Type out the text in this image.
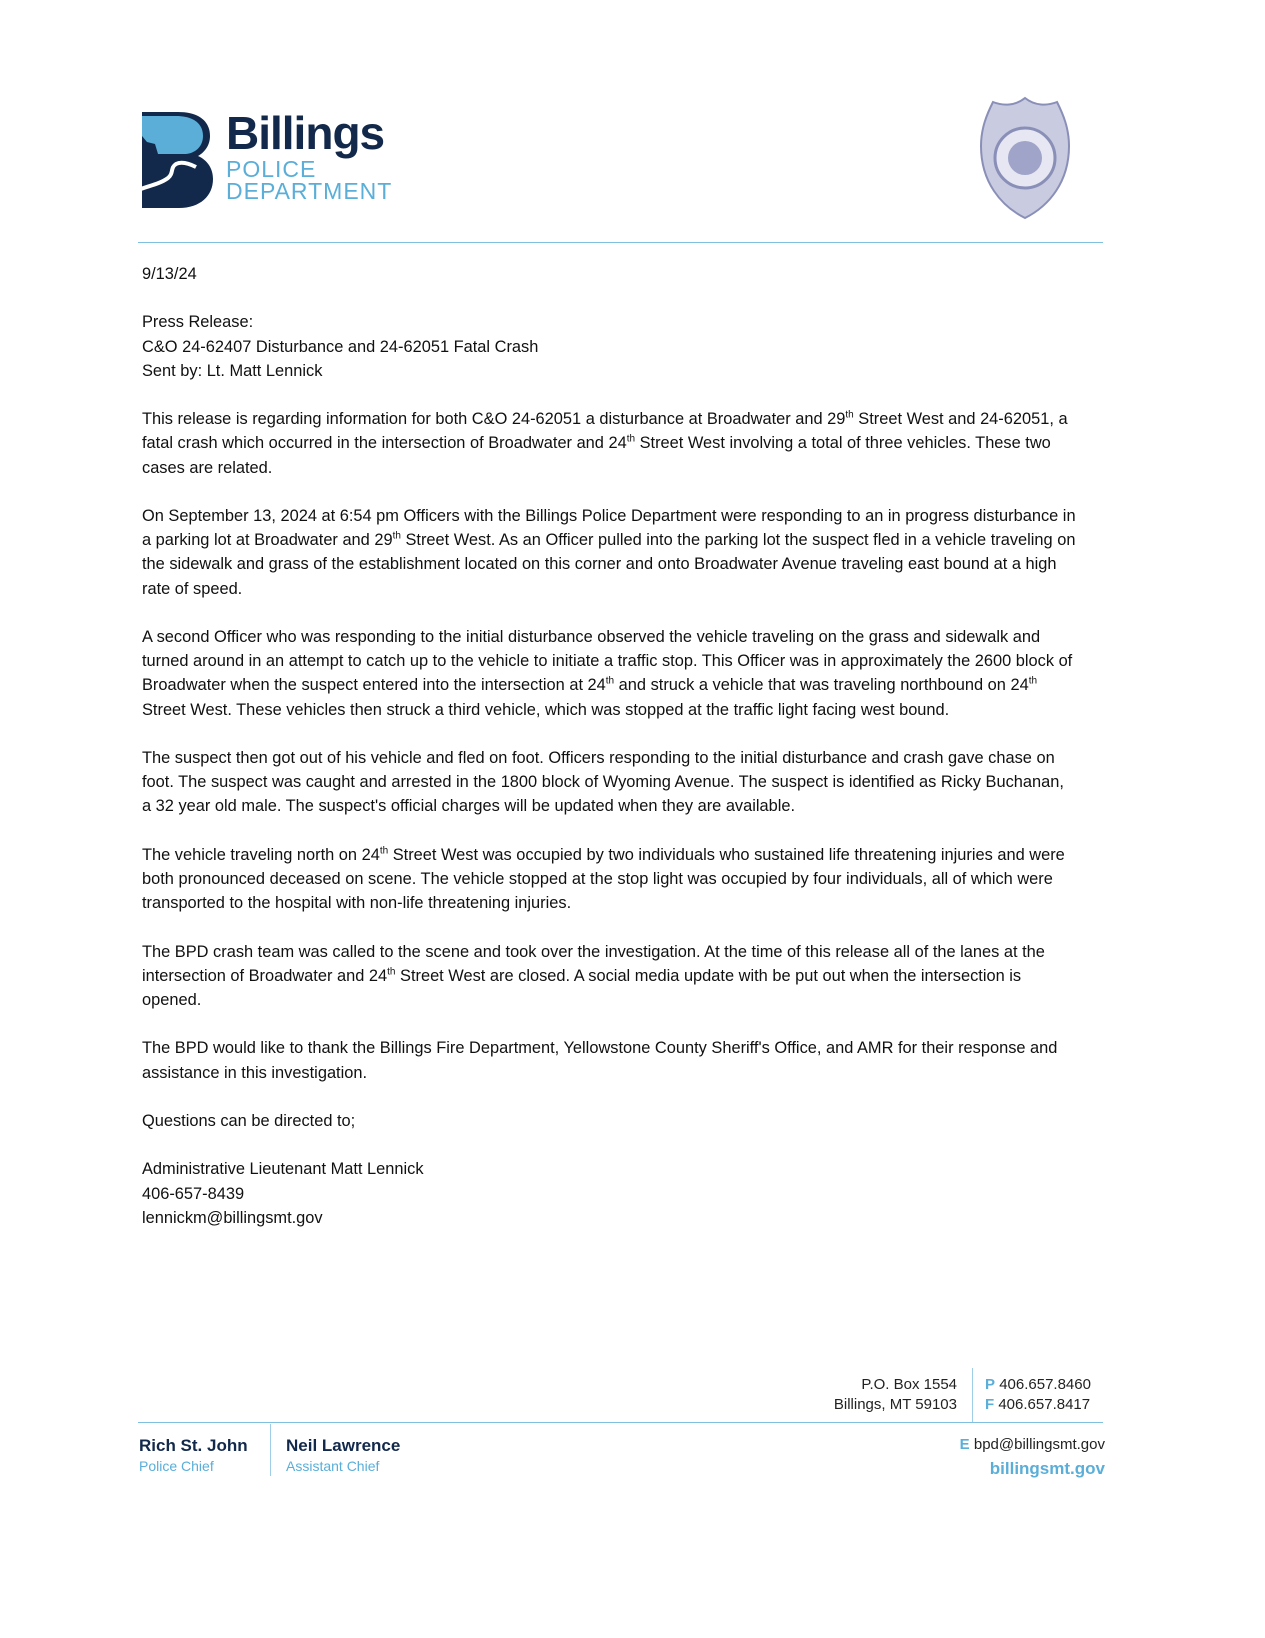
Billings
POLICE
DEPARTMENT

9/13/24

Press Release:
C&O 24-62407 Disturbance and 24-62051 Fatal Crash
Sent by: Lt. Matt Lennick

This release is regarding information for both C&O 24-62051 a disturbance at Broadwater and 29th Street West and 24-62051, a fatal crash which occurred in the intersection of Broadwater and 24th Street West involving a total of three vehicles. These two cases are related.

On September 13, 2024 at 6:54 pm Officers with the Billings Police Department were responding to an in progress disturbance in a parking lot at Broadwater and 29th Street West. As an Officer pulled into the parking lot the suspect fled in a vehicle traveling on the sidewalk and grass of the establishment located on this corner and onto Broadwater Avenue traveling east bound at a high rate of speed.

A second Officer who was responding to the initial disturbance observed the vehicle traveling on the grass and sidewalk and turned around in an attempt to catch up to the vehicle to initiate a traffic stop. This Officer was in approximately the 2600 block of Broadwater when the suspect entered into the intersection at 24th and struck a vehicle that was traveling northbound on 24th Street West. These vehicles then struck a third vehicle, which was stopped at the traffic light facing west bound.

The suspect then got out of his vehicle and fled on foot. Officers responding to the initial disturbance and crash gave chase on foot. The suspect was caught and arrested in the 1800 block of Wyoming Avenue. The suspect is identified as Ricky Buchanan, a 32 year old male. The suspect's official charges will be updated when they are available.

The vehicle traveling north on 24th Street West was occupied by two individuals who sustained life threatening injuries and were both pronounced deceased on scene. The vehicle stopped at the stop light was occupied by four individuals, all of which were transported to the hospital with non-life threatening injuries.

The BPD crash team was called to the scene and took over the investigation. At the time of this release all of the lanes at the intersection of Broadwater and 24th Street West are closed. A social media update with be put out when the intersection is opened.

The BPD would like to thank the Billings Fire Department, Yellowstone County Sheriff's Office, and AMR for their response and assistance in this investigation.

Questions can be directed to;

Administrative Lieutenant Matt Lennick
406-657-8439
lennickm@billingsmt.gov

P.O. Box 1554
Billings, MT 59103
P 406.657.8460
F 406.657.8417
Rich St. John
Police Chief
Neil Lawrence
Assistant Chief
E bpd@billingsmt.gov
billingsmt.gov
